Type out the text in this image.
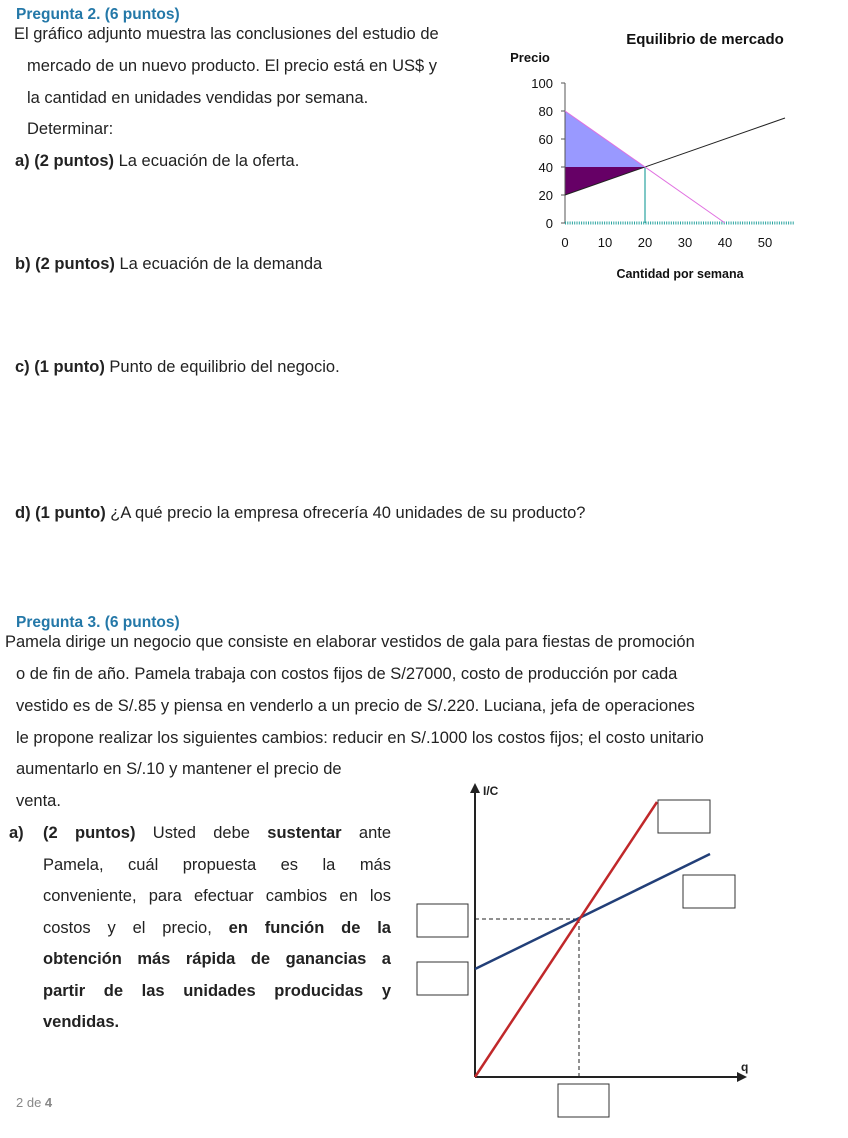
Pregunta 2. (6 puntos)
El gráfico adjunto muestra las conclusiones del estudio de
mercado de un nuevo producto. El precio está en US$ y
la cantidad en unidades vendidas por semana.
Determinar:
a) (2 puntos) La ecuación de la oferta.
b) (2 puntos) La ecuación de la demanda
c) (1 punto) Punto de equilibrio del negocio.
d) (1 punto) ¿A qué precio la empresa ofrecería 40 unidades de su producto?
Equilibrio de mercado
Precio
Cantidad por semana
0
20
40
60
80
100
0 10 20 30 40 50
Pregunta 3. (6 puntos)
Pamela dirige un negocio que consiste en elaborar vestidos de gala para fiestas de promoción
o de fin de año. Pamela trabaja con costos fijos de S/27000, costo de producción por cada
vestido es de S/.85 y piensa en venderlo a un precio de S/.220. Luciana, jefa de operaciones
le propone realizar los siguientes cambios: reducir en S/.1000 los costos fijos; el costo unitario
aumentarlo en S/.10 y mantener el precio de
venta.
a) (2 puntos) Usted debe sustentar ante
Pamela, cuál propuesta es la más
conveniente, para efectuar cambios en los
costos y el precio, en función de la
obtención más rápida de ganancias a
partir de las unidades producidas y
vendidas.
I/C
q
2 de 4
